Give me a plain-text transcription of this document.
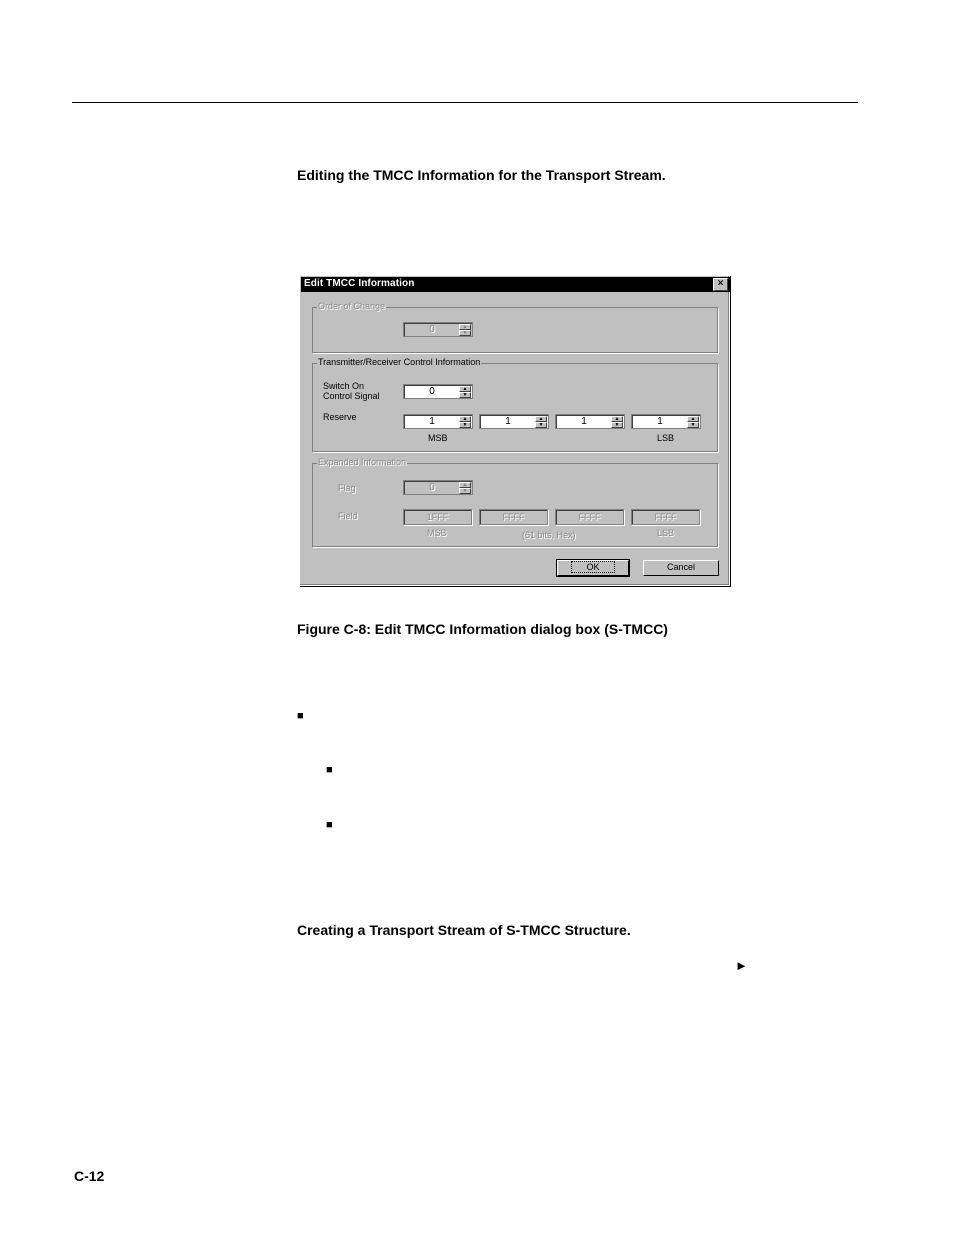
Editing the TMCC Information for the Transport Stream.
Edit TMCC Information	×
Order of Change
0	▲
▼
Transmitter/Receiver Control Information
Switch On
Control Signal	0	▲
▼
Reserve	1	▲
▼	1	▲
▼	1	▲
▼	1	▲
▼
MSB	LSB
Expanded Information
Flag	0	▲
▼
Field	1FFF	FFFF	FFFF	FFFF
MSB	(61 bits, Hex)	LSB
OK	Cancel
Figure C-8: Edit TMCC Information dialog box (S-TMCC)
■
■
■
Creating a Transport Stream of S-TMCC Structure.
►
C-12
